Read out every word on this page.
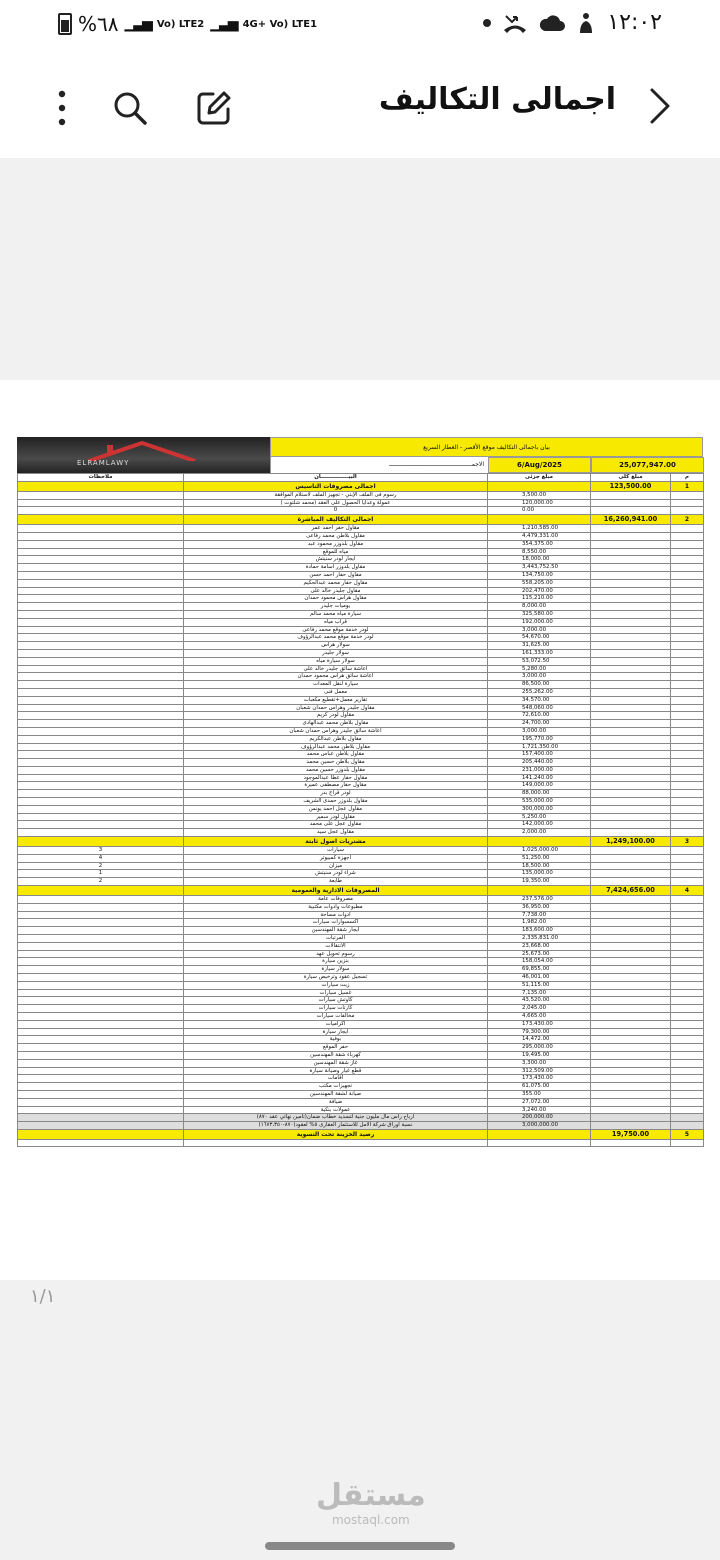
%٦٨ ▁▃▅ Vo) LTE2 ▁▃▅ 4G+ Vo) LTE1	١٢:٠٢
اجمالى التكاليف
ELRAMLAWY
بيان باجمالى التكاليف موقع الأقصر - الغطار السريع
الاجمـــــــــــــــــــــــــــــــــــــــــــــــ	6/Aug/2025	25,077,947.00
ملاحظات	البيـــــــــــــــان	مبلغ جزئى	مبلغ كلى	م
	اجمالى مصروفات التاسيس		123,500.00	1
	رسوم فى الملف الإبتي - تجهيز الملف لاستلام الموافقة	3,500.00		
	عمولة وعدايا الحصول على العقد (محمد شلتوت )	120,000.00		
	0	0.00		
	اجمالى التكاليف المباشرة		16,260,941.00	2
	مقاول حفر احمد عمر	1,210,585.00		
	مقاول بلاطن محمد رفاعى	4,479,331.00		
	مقاول بلدوزر محمود عبد	354,375.00		
	مياه للموقع	8,550.00		
	ايجار لودر سنيتش	18,000.00		
	مقاول بلدوزر اسامة حمادة	3,443,752.50		
	مقاول حفار احمد حسن	134,750.00		
	مقاول حفار محمد عبدالحكيم	558,205.00		
	مقاول جليدر خالد على	202,470.00		
	مقاول هراس محمود حمدان	115,210.00		
	يوميات جليدر	8,000.00		
	سيارة مياه محمد سالم	325,580.00		
	قراب مياه	192,000.00		
	لودر خدمة موقع محمد رفاعى	3,000.00		
	لودر خدمة موقع محمد عبدالرؤوف	54,670.00		
	سولار هراس	31,625.00		
	سولار جليدر	161,333.00		
	سولار سيارة مياه	53,072.50		
	اعاشة سائق جليدر خالد على	5,280.00		
	اعاشة سائق هراس محمود حمدان	3,000.00		
	سيارة لنقل المعدات	86,500.00		
	معمل فنى	255,262.00		
	تقارير معمل+تقطيع مكعبات	34,570.00		
	مقاول جليدر وهراس حمدان شعبان	548,060.00		
	مقاول لودر كريم	72,610.00		
	مقاول بلاطن محمد عبدالهادى	24,700.00		
	اعاشة سائق جليدر وهراس حمدان شعبان	3,000.00		
	مقاول بلاطن عبدالكريم	195,770.00		
	مقاول بلاطن محمد عبدالرؤوف	1,721,350.00		
	مقاول بلاطن عباس محمد	157,400.00		
	مقاول بلاطن حسين محمد	205,440.00		
	مقاول بلدوزر حسين محمد	231,000.00		
	مقاول حفار عطا عبدالموجود	141,240.00		
	مقاول حفار مصطفى عميرة	149,000.00		
	لودر قراج بدر	88,000.00		
	مقاول بلدوزر حمدى الشريف	535,000.00		
	مقاول عجل احمد يونس	300,000.00		
	مقاول لودر سمير	5,250.00		
	مقاول عجل على محمد	142,000.00		
	مقاول عجل سيد	2,000.00		
	مشتريات اصول ثابتة		1,249,100.00	3
3	سيارات	1,025,000.00		
4	اجهزة كمبيوتر	51,250.00		
2	ميزان	18,500.00		
1	شراء لودر سنيتش	135,000.00		
2	طابعة	19,350.00		
	المصروفات الادارية والعمومية		7,424,656.00	4
	مصروفات عامة	237,576.00		
	مطبوعات وادوات مكتبية	36,950.00		
	ادوات مساحة	7,738.00		
	اكسسوارات سيارات	1,982.00		
	ايجار شقة المهندسين	183,600.00		
	المرتبات	2,335,831.00		
	الانتقالات	23,668.00		
	رسوم تحويل عهد	25,673.00		
	بنزين سيارة	158,054.00		
	سولار سيارة	69,855.00		
	تسجيل عقود وترخيص سيارة	46,001.00		
	زيت سيارات	51,115.00		
	غسيل سيارات	7,135.00		
	كاوتش سيارات	43,520.00		
	كارتات سيارات	2,045.00		
	مخالفات سيارات	4,665.00		
	اكراميات	173,430.00		
	ايجار سيارة	79,300.00		
	بوفية	14,472.00		
	حفر الموقع	295,000.00		
	كهرباء شقة المهندسين	19,495.00		
	غاز شقة المهندسين	3,300.00		
	قطع غيار وصيانة سيارة	312,509.00		
	اقامات	173,430.00		
	تجهيزات مكتب	61,075.00		
	صيانة لشقة المهندسين	355.00		
	ضيافة	27,072.00		
	عمولات بنكية	3,240.00		
	ارباح راس مال مليون جنية لتسديد خطاب ضمان(تامين نهائي عقد ٨٧٠)	200,000.00		
	نسبة اوراق شركة الامل للاستثمار العقارى ٥% لعقود(٨٧٠-١٦٧٣،٣٥٠)	3,000,000.00		
	رصيد الخزينة تحت التسوية		19,750.00	5

١/١
مستقل
mostaql.com
